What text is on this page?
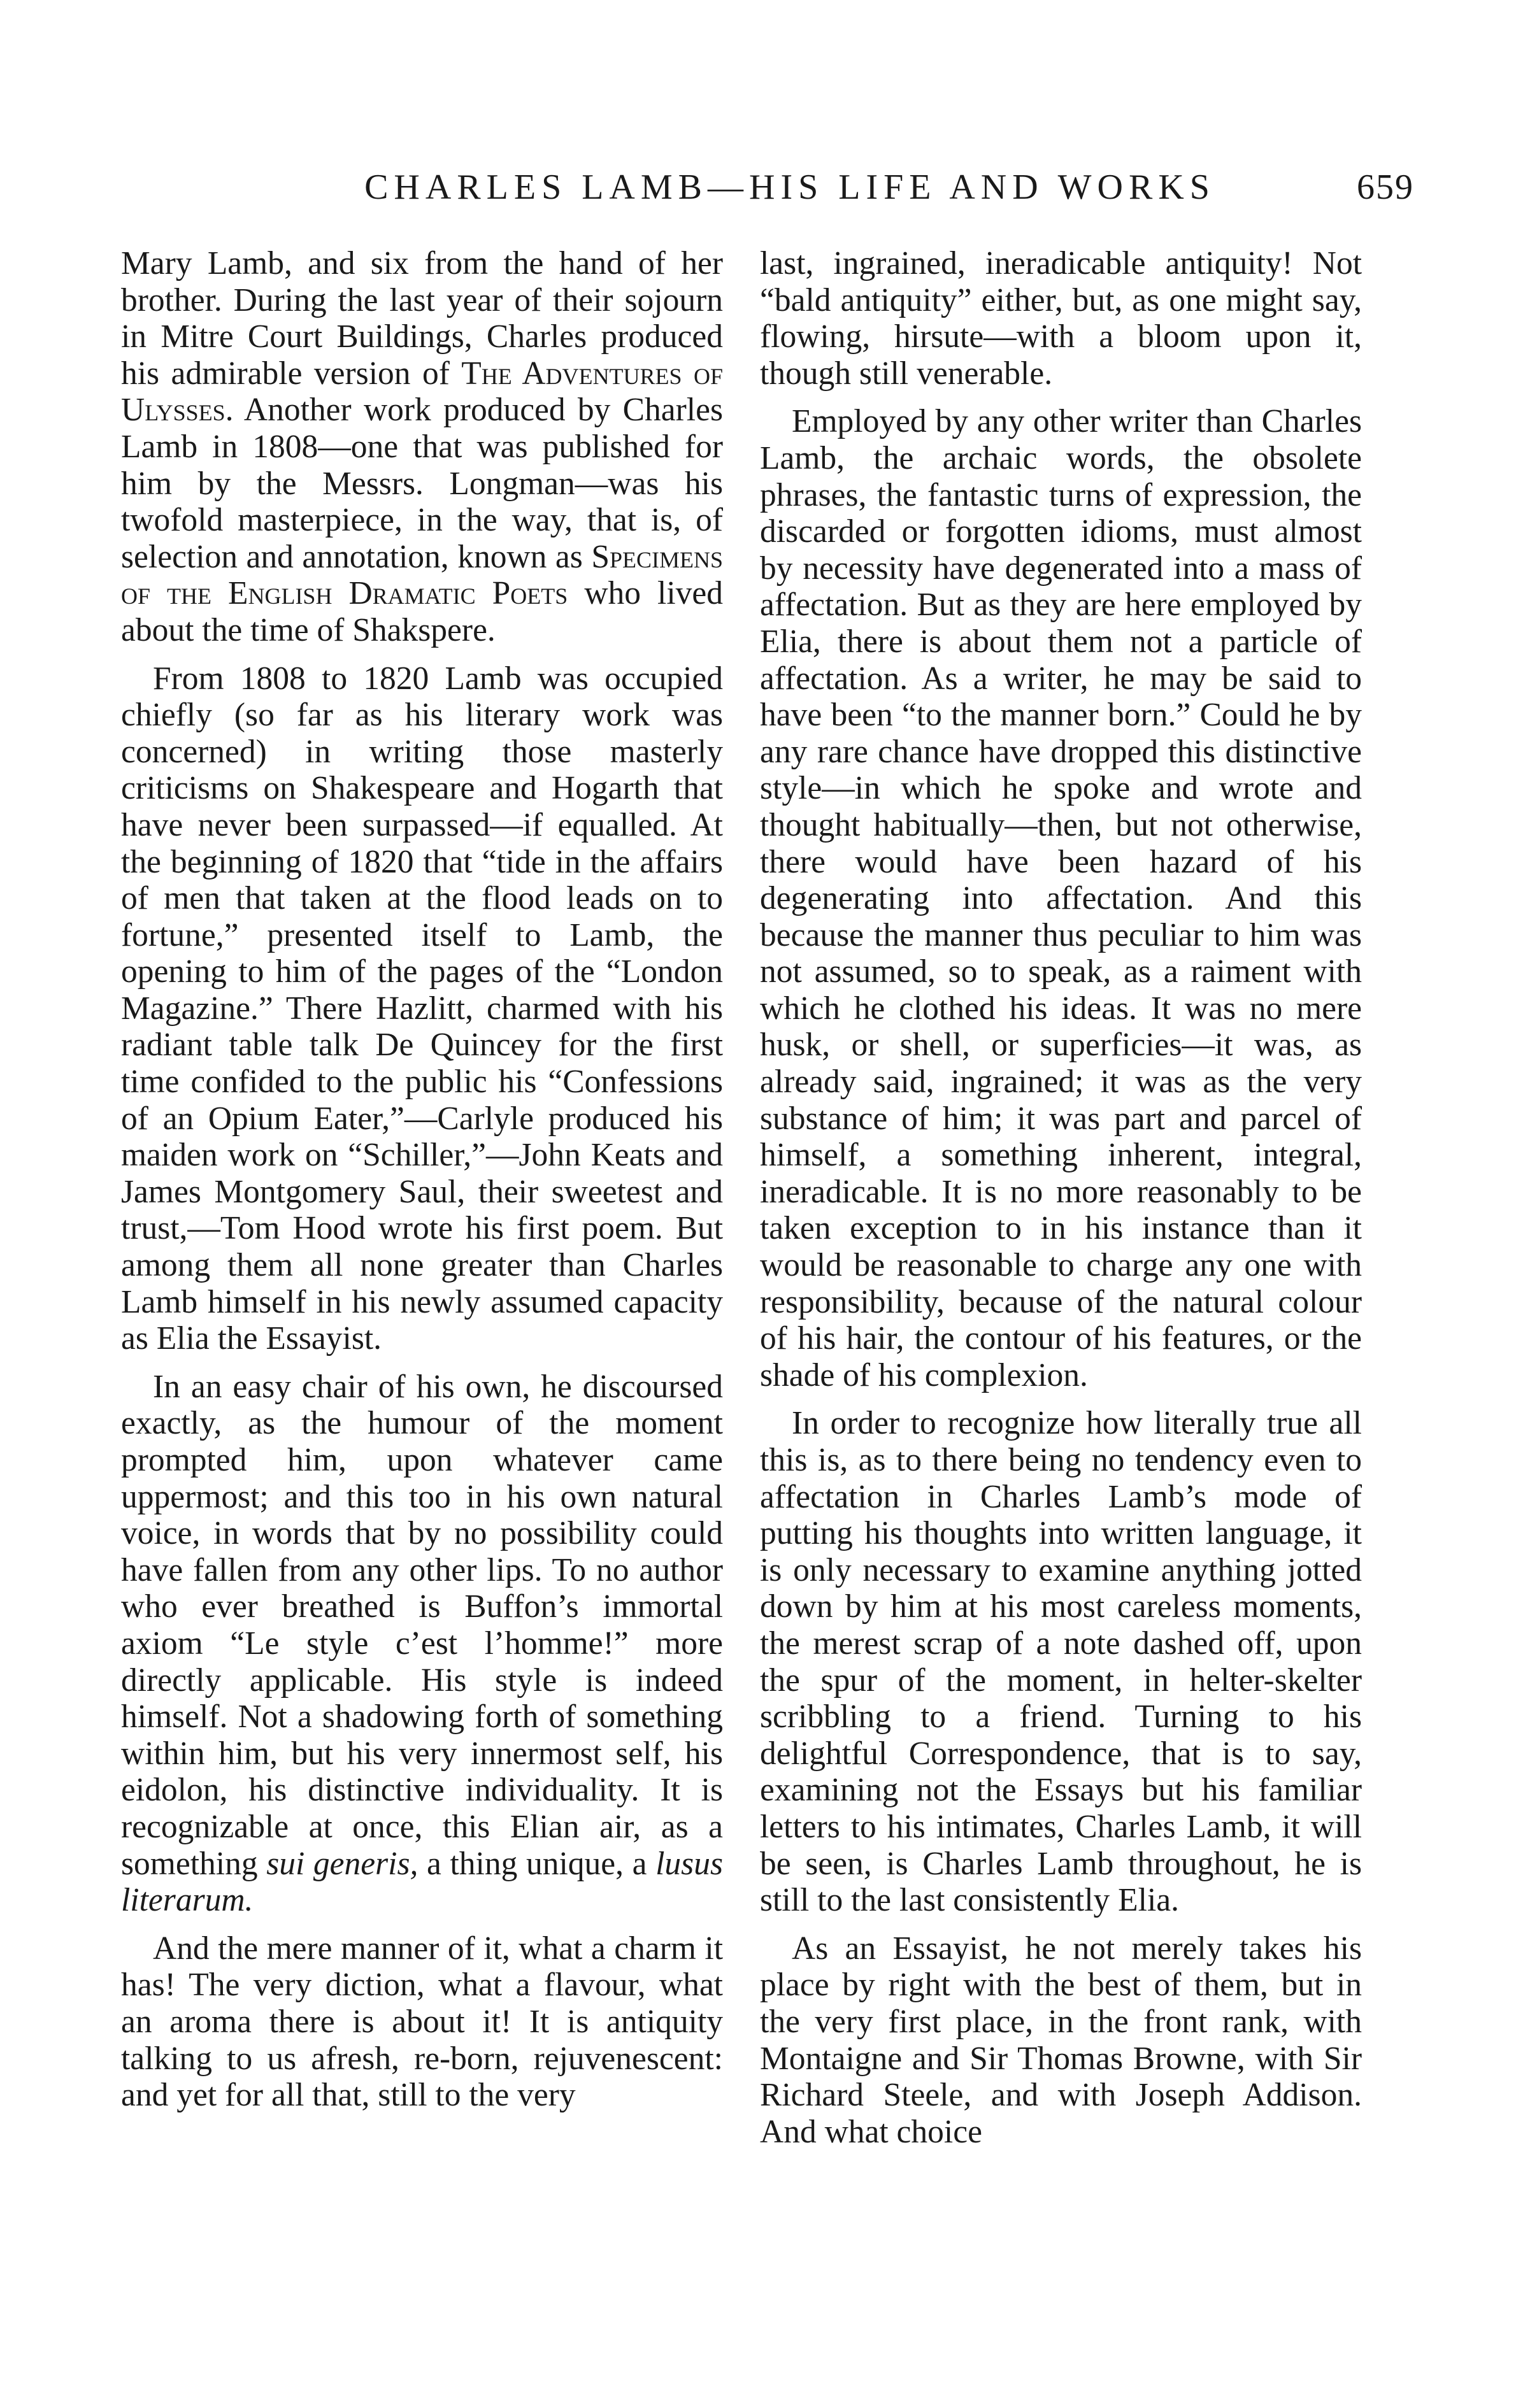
CHARLES LAMB—HIS LIFE AND WORKS	659

Mary Lamb, and six from the hand of her brother. During the last year of their sojourn in Mitre Court Buildings, Charles produced his admirable version of The Adventures of Ulysses. Another work produced by Charles Lamb in 1808—one that was published for him by the Messrs. Longman—was his twofold masterpiece, in the way, that is, of selection and annotation, known as Specimens of the English Dramatic Poets who lived about the time of Shakspere.

From 1808 to 1820 Lamb was occupied chiefly (so far as his literary work was concerned) in writing those masterly criticisms on Shakespeare and Hogarth that have never been surpassed—if equalled. At the beginning of 1820 that “tide in the affairs of men that taken at the flood leads on to fortune,” presented itself to Lamb, the opening to him of the pages of the “London Magazine.” There Hazlitt, charmed with his radiant table talk De Quincey for the first time confided to the public his “Confessions of an Opium Eater,”—Carlyle produced his maiden work on “Schiller,”—John Keats and James Montgomery Saul, their sweetest and trust,—Tom Hood wrote his first poem. But among them all none greater than Charles Lamb himself in his newly assumed capacity as Elia the Essayist.

In an easy chair of his own, he discoursed exactly, as the humour of the moment prompted him, upon whatever came uppermost; and this too in his own natural voice, in words that by no possibility could have fallen from any other lips. To no author who ever breathed is Buffon’s immortal axiom “Le style c’est l’homme!” more directly applicable. His style is indeed himself. Not a shadowing forth of something within him, but his very innermost self, his eidolon, his distinctive individuality. It is recognizable at once, this Elian air, as a something sui generis, a thing unique, a lusus literarum.

And the mere manner of it, what a charm it has! The very diction, what a flavour, what an aroma there is about it! It is antiquity talking to us afresh, re-born, rejuvenescent: and yet for all that, still to the very

last, ingrained, ineradicable antiquity! Not “bald antiquity” either, but, as one might say, flowing, hirsute—with a bloom upon it, though still venerable.

Employed by any other writer than Charles Lamb, the archaic words, the obsolete phrases, the fantastic turns of expression, the discarded or forgotten idioms, must almost by necessity have degenerated into a mass of affectation. But as they are here employed by Elia, there is about them not a particle of affectation. As a writer, he may be said to have been “to the manner born.” Could he by any rare chance have dropped this distinctive style—in which he spoke and wrote and thought habitually—then, but not otherwise, there would have been hazard of his degenerating into affectation. And this because the manner thus peculiar to him was not assumed, so to speak, as a raiment with which he clothed his ideas. It was no mere husk, or shell, or superficies—it was, as already said, ingrained; it was as the very substance of him; it was part and parcel of himself, a something inherent, integral, ineradicable. It is no more reasonably to be taken exception to in his instance than it would be reasonable to charge any one with responsibility, because of the natural colour of his hair, the contour of his features, or the shade of his complexion.

In order to recognize how literally true all this is, as to there being no tendency even to affectation in Charles Lamb’s mode of putting his thoughts into written language, it is only necessary to examine anything jotted down by him at his most careless moments, the merest scrap of a note dashed off, upon the spur of the moment, in helter-skelter scribbling to a friend. Turning to his delightful Correspondence, that is to say, examining not the Essays but his familiar letters to his intimates, Charles Lamb, it will be seen, is Charles Lamb throughout, he is still to the last consistently Elia.

As an Essayist, he not merely takes his place by right with the best of them, but in the very first place, in the front rank, with Montaigne and Sir Thomas Browne, with Sir Richard Steele, and with Joseph Addison. And what choice
